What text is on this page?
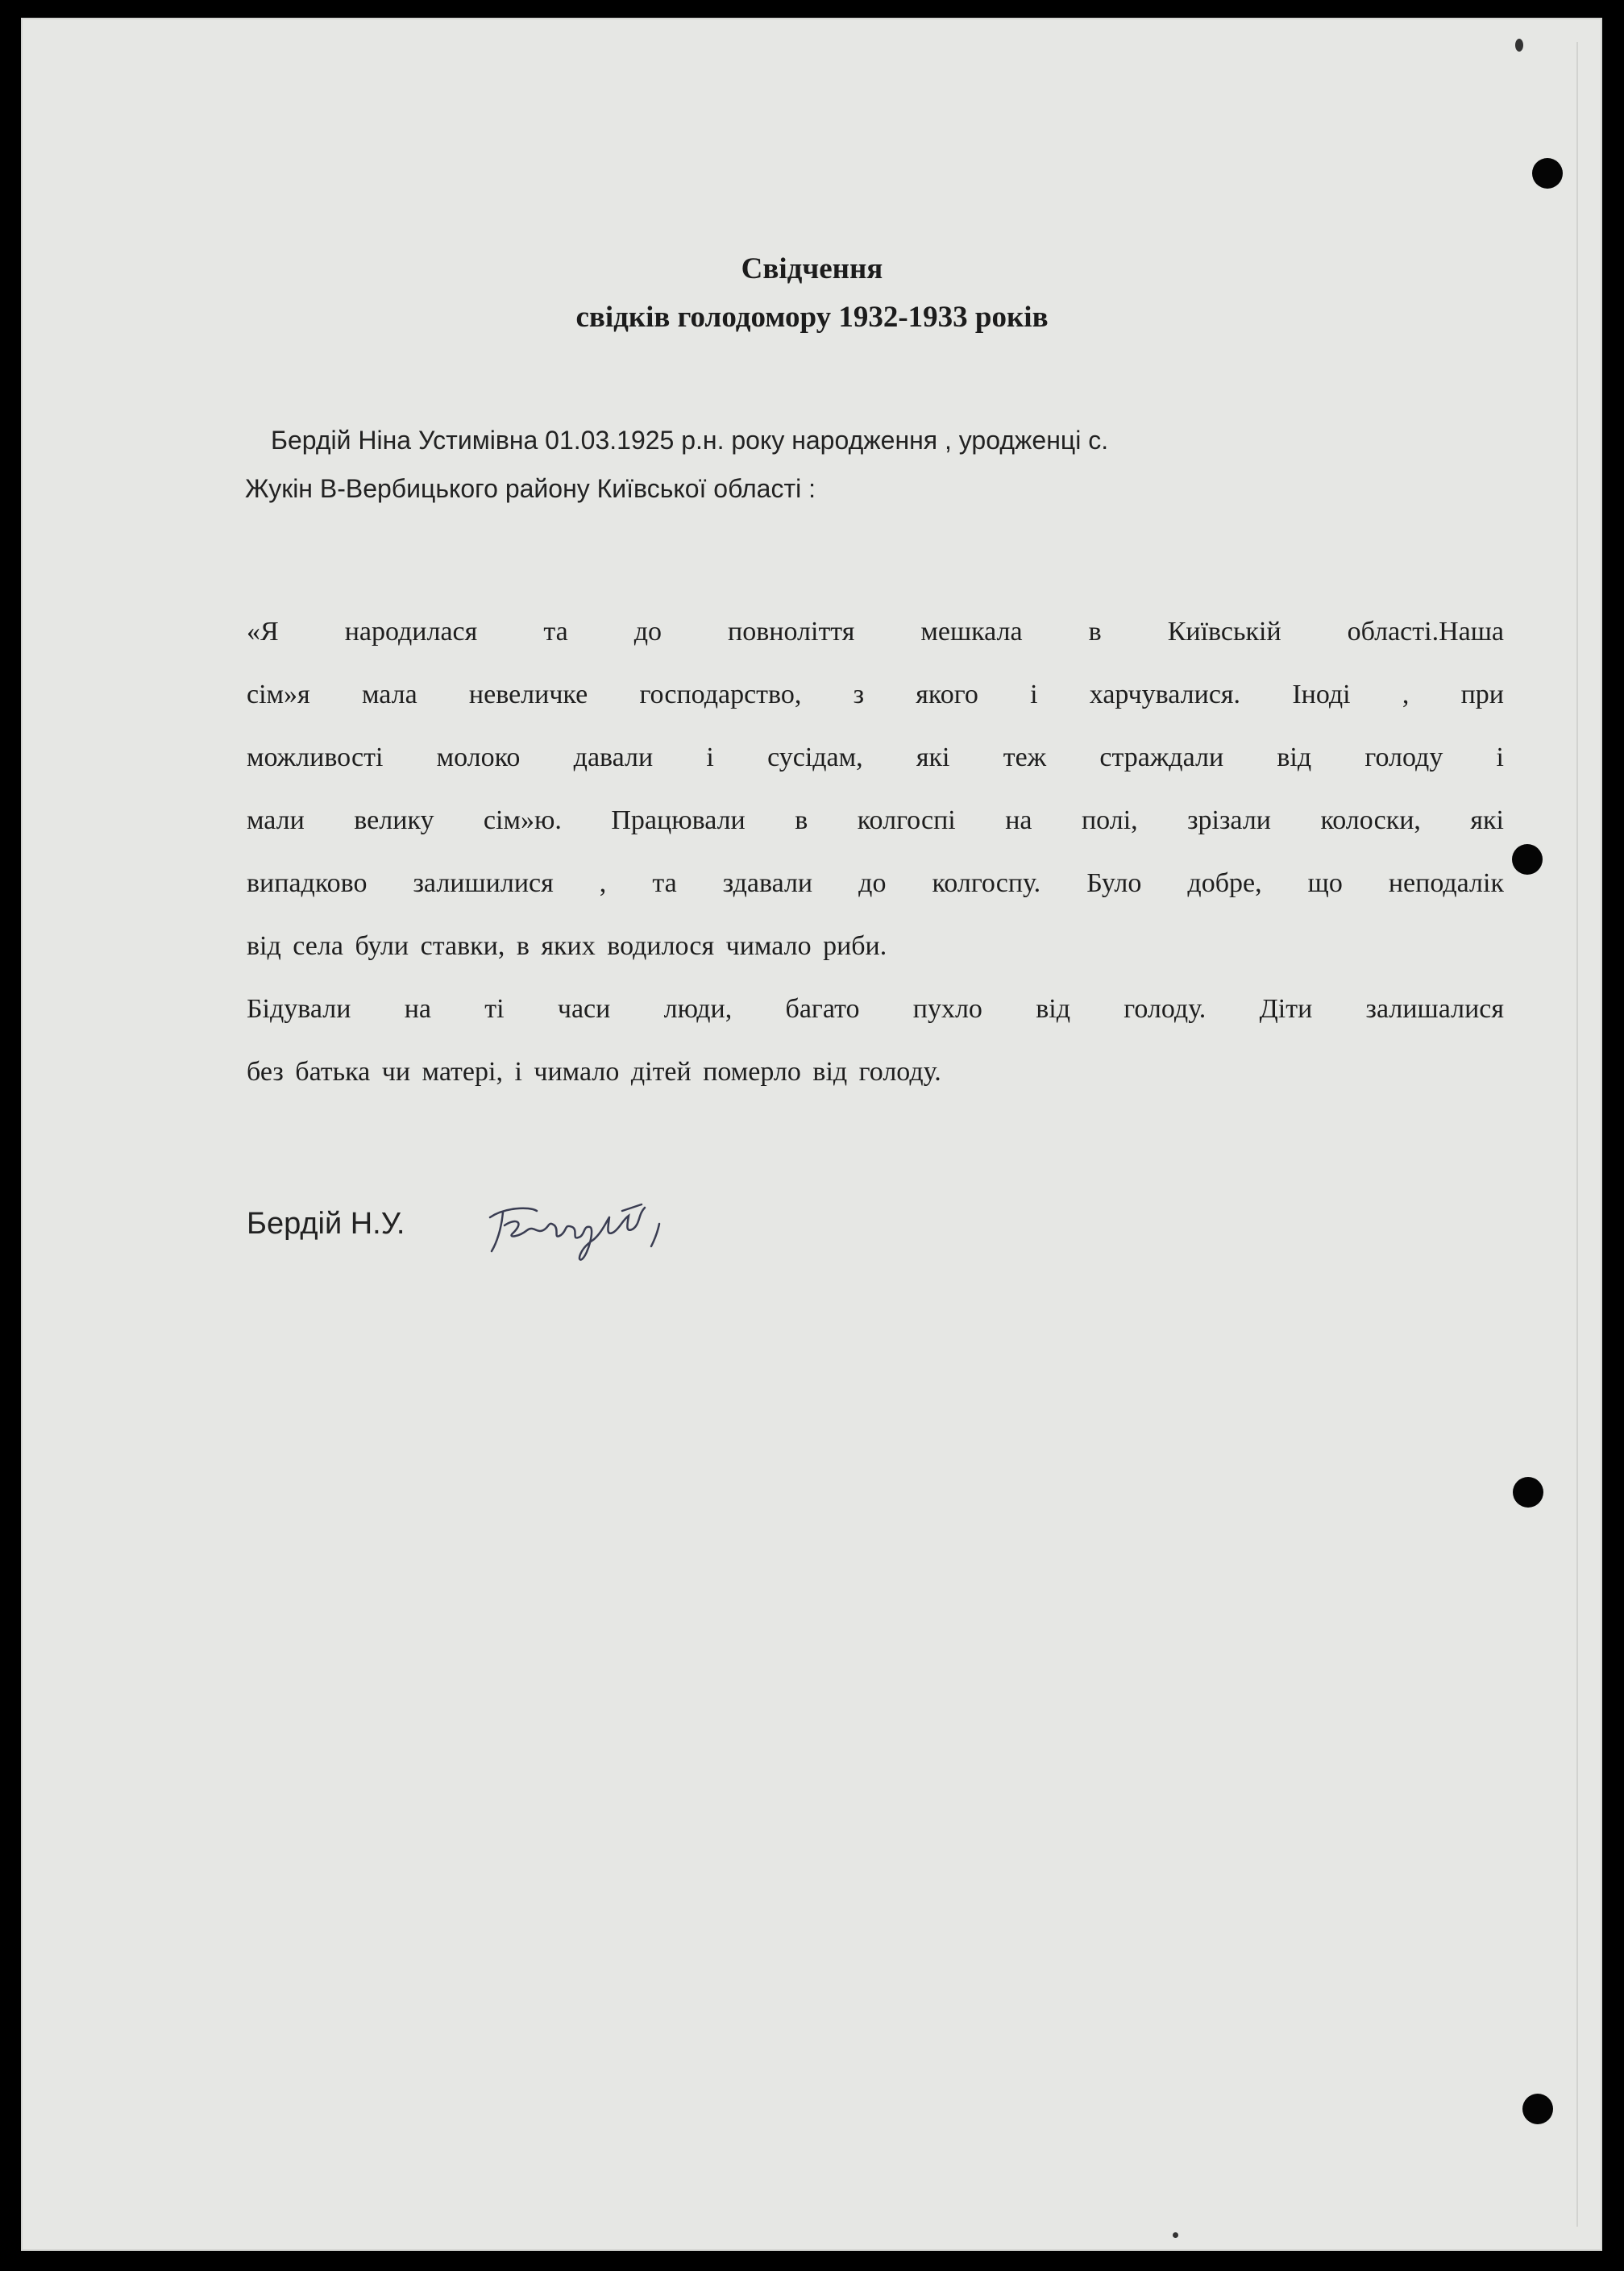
Свідчення
свідків голодомору 1932-1933 років
Бердій Ніна Устимівна 01.03.1925 р.н. року народження , уродженці с.
Жукін В-Вербицького району Київської області :
«Я народилася та до повноліття мешкала в Київській області.Наша
сім»я мала невеличке господарство, з якого і харчувалися. Іноді , при
можливості молоко давали і сусідам, які теж страждали від голоду і
мали велику сім»ю. Працювали в колгоспі на полі, зрізали колоски, які
випадково залишилися , та здавали до колгоспу. Було добре, що неподалік
від села були ставки, в яких водилося чимало риби.
Бідували на ті часи люди, багато пухло від голоду. Діти залишалися
без батька чи матері, і чимало дітей померло від голоду.
Бердій Н.У.
